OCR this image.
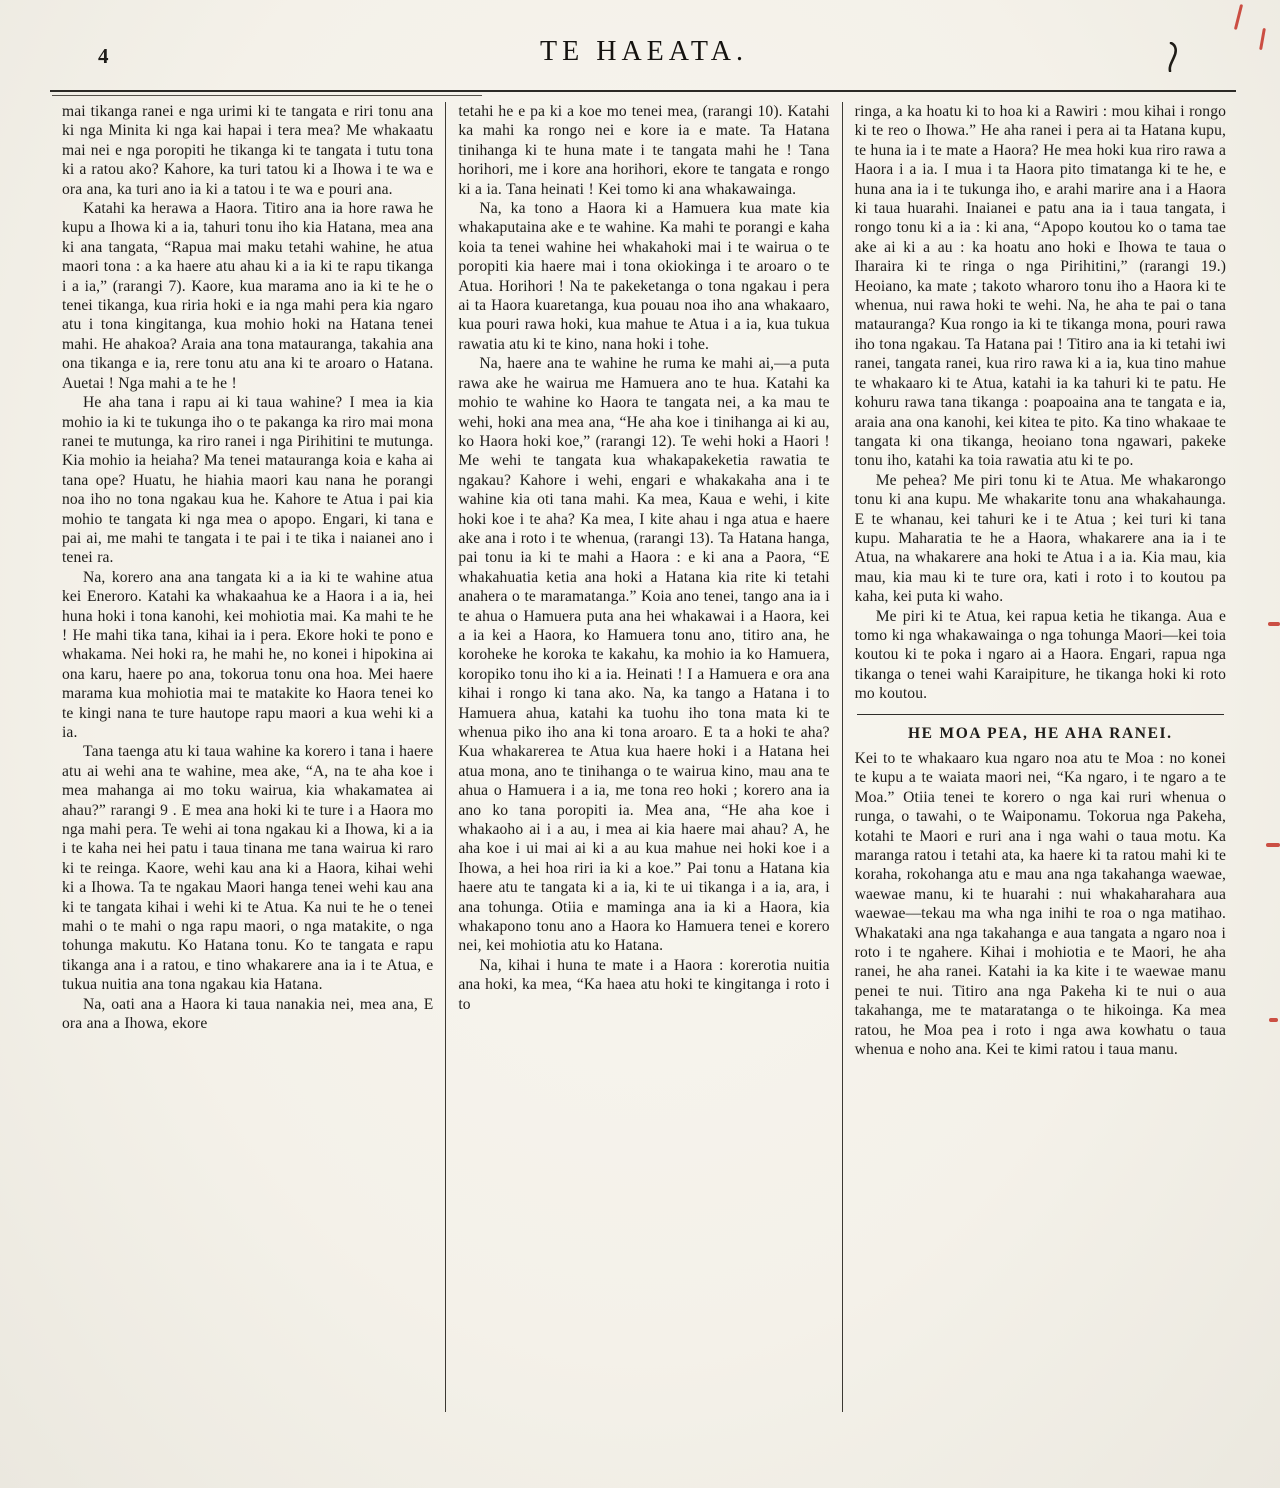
4	TE HAEATA.

mai tikanga ranei e nga urimi ki te tangata e riri tonu ana ki nga Minita ki nga kai hapai i tera mea? Me whakaatu mai nei e nga poropiti he tikanga ki te tangata i tutu tona ki a ratou ako? Kahore, ka turi tatou ki a Ihowa i te wa e ora ana, ka turi ano ia ki a tatou i te wa e pouri ana.

Katahi ka herawa a Haora. Titiro ana ia hore rawa he kupu a Ihowa ki a ia, tahuri tonu iho kia Hatana, mea ana ki ana tangata, “Rapua mai maku tetahi wahine, he atua maori tona : a ka haere atu ahau ki a ia ki te rapu tikanga i a ia,” (rarangi 7). Kaore, kua marama ano ia ki te he o tenei tikanga, kua riria hoki e ia nga mahi pera kia ngaro atu i tona kingitanga, kua mohio hoki na Hatana tenei mahi. He ahakoa? Araia ana tona matauranga, takahia ana ona tikanga e ia, rere tonu atu ana ki te aroaro o Hatana. Auetai ! Nga mahi a te he !

He aha tana i rapu ai ki taua wahine? I mea ia kia mohio ia ki te tukunga iho o te pakanga ka riro mai mona ranei te mutunga, ka riro ranei i nga Pirihitini te mutunga. Kia mohio ia heiaha? Ma tenei matauranga koia e kaha ai tana ope? Huatu, he hiahia maori kau nana he porangi noa iho no tona ngakau kua he. Kahore te Atua i pai kia mohio te tangata ki nga mea o apopo. Engari, ki tana e pai ai, me mahi te tangata i te pai i te tika i naianei ano i tenei ra.

Na, korero ana ana tangata ki a ia ki te wahine atua kei Eneroro. Katahi ka whakaahua ke a Haora i a ia, hei huna hoki i tona kanohi, kei mohiotia mai. Ka mahi te he ! He mahi tika tana, kihai ia i pera. Ekore hoki te pono e whakama. Nei hoki ra, he mahi he, no konei i hipokina ai ona karu, haere po ana, tokorua tonu ona hoa. Mei haere marama kua mohiotia mai te matakite ko Haora tenei ko te kingi nana te ture hautope rapu maori a kua wehi ki a ia.

Tana taenga atu ki taua wahine ka korero i tana i haere atu ai wehi ana te wahine, mea ake, “A, na te aha koe i mea mahanga ai mo toku wairua, kia whakamatea ai ahau?” rarangi 9 . E mea ana hoki ki te ture i a Haora mo nga mahi pera. Te wehi ai tona ngakau ki a Ihowa, ki a ia i te kaha nei hei patu i taua tinana me tana wairua ki raro ki te reinga. Kaore, wehi kau ana ki a Haora, kihai wehi ki a Ihowa. Ta te ngakau Maori hanga tenei wehi kau ana ki te tangata kihai i wehi ki te Atua. Ka nui te he o tenei mahi o te mahi o nga rapu maori, o nga matakite, o nga tohunga makutu. Ko Hatana tonu. Ko te tangata e rapu tikanga ana i a ratou, e tino whakarere ana ia i te Atua, e tukua nuitia ana tona ngakau kia Hatana.

Na, oati ana a Haora ki taua nanakia nei, mea ana, E ora ana a Ihowa, ekore

tetahi he e pa ki a koe mo tenei mea, (rarangi 10). Katahi ka mahi ka rongo nei e kore ia e mate. Ta Hatana tinihanga ki te huna mate i te tangata mahi he ! Tana horihori, me i kore ana horihori, ekore te tangata e rongo ki a ia. Tana heinati ! Kei tomo ki ana whakawainga.

Na, ka tono a Haora ki a Hamuera kua mate kia whakaputaina ake e te wahine. Ka mahi te porangi e kaha koia ta tenei wahine hei whakahoki mai i te wairua o te poropiti kia haere mai i tona okiokinga i te aroaro o te Atua. Horihori ! Na te pakeketanga o tona ngakau i pera ai ta Haora kuaretanga, kua pouau noa iho ana whakaaro, kua pouri rawa hoki, kua mahue te Atua i a ia, kua tukua rawatia atu ki te kino, nana hoki i tohe.

Na, haere ana te wahine he ruma ke mahi ai,—a puta rawa ake he wairua me Hamuera ano te hua. Katahi ka mohio te wahine ko Haora te tangata nei, a ka mau te wehi, hoki ana mea ana, “He aha koe i tinihanga ai ki au, ko Haora hoki koe,” (rarangi 12). Te wehi hoki a Haori ! Me wehi te tangata kua whakapakeketia rawatia te ngakau? Kahore i wehi, engari e whakakaha ana i te wahine kia oti tana mahi. Ka mea, Kaua e wehi, i kite hoki koe i te aha? Ka mea, I kite ahau i nga atua e haere ake ana i roto i te whenua, (rarangi 13). Ta Hatana hanga, pai tonu ia ki te mahi a Haora : e ki ana a Paora, “E whakahuatia ketia ana hoki a Hatana kia rite ki tetahi anahera o te maramatanga.” Koia ano tenei, tango ana ia i te ahua o Hamuera puta ana hei whakawai i a Haora, kei a ia kei a Haora, ko Hamuera tonu ano, titiro ana, he koroheke he koroka te kakahu, ka mohio ia ko Hamuera, koropiko tonu iho ki a ia. Heinati ! I a Hamuera e ora ana kihai i rongo ki tana ako. Na, ka tango a Hatana i to Hamuera ahua, katahi ka tuohu iho tona mata ki te whenua piko iho ana ki tona aroaro. E ta a hoki te aha? Kua whakarerea te Atua kua haere hoki i a Hatana hei atua mona, ano te tinihanga o te wairua kino, mau ana te ahua o Hamuera i a ia, me tona reo hoki ; korero ana ia ano ko tana poropiti ia. Mea ana, “He aha koe i whakaoho ai i a au, i mea ai kia haere mai ahau? A, he aha koe i ui mai ai ki a au kua mahue nei hoki koe i a Ihowa, a hei hoa riri ia ki a koe.” Pai tonu a Hatana kia haere atu te tangata ki a ia, ki te ui tikanga i a ia, ara, i ana tohunga. Otiia e maminga ana ia ki a Haora, kia whakapono tonu ano a Haora ko Hamuera tenei e korero nei, kei mohiotia atu ko Hatana.

Na, kihai i huna te mate i a Haora : korerotia nuitia ana hoki, ka mea, “Ka haea atu hoki te kingitanga i roto i to

ringa, a ka hoatu ki to hoa ki a Rawiri : mou kihai i rongo ki te reo o Ihowa.” He aha ranei i pera ai ta Hatana kupu, te huna ia i te mate a Haora? He mea hoki kua riro rawa a Haora i a ia. I mua i ta Haora pito timatanga ki te he, e huna ana ia i te tukunga iho, e arahi marire ana i a Haora ki taua huarahi. Inaianei e patu ana ia i taua tangata, i rongo tonu ki a ia : ki ana, “Apopo koutou ko o tama tae ake ai ki a au : ka hoatu ano hoki e Ihowa te taua o Iharaira ki te ringa o nga Pirihitini,” (rarangi 19.) Heoiano, ka mate ; takoto wharoro tonu iho a Haora ki te whenua, nui rawa hoki te wehi. Na, he aha te pai o tana matauranga? Kua rongo ia ki te tikanga mona, pouri rawa iho tona ngakau. Ta Hatana pai ! Titiro ana ia ki tetahi iwi ranei, tangata ranei, kua riro rawa ki a ia, kua tino mahue te whakaaro ki te Atua, katahi ia ka tahuri ki te patu. He kohuru rawa tana tikanga : poapoaina ana te tangata e ia, araia ana ona kanohi, kei kitea te pito. Ka tino whakaae te tangata ki ona tikanga, heoiano tona ngawari, pakeke tonu iho, katahi ka toia rawatia atu ki te po.

Me pehea? Me piri tonu ki te Atua. Me whakarongo tonu ki ana kupu. Me whakarite tonu ana whakahaunga. E te whanau, kei tahuri ke i te Atua ; kei turi ki tana kupu. Maharatia te he a Haora, whakarere ana ia i te Atua, na whakarere ana hoki te Atua i a ia. Kia mau, kia mau, kia mau ki te ture ora, kati i roto i to koutou pa kaha, kei puta ki waho.

Me piri ki te Atua, kei rapua ketia he tikanga. Aua e tomo ki nga whakawainga o nga tohunga Maori—kei toia koutou ki te poka i ngaro ai a Haora. Engari, rapua nga tikanga o tenei wahi Karaipiture, he tikanga hoki ki roto mo koutou.

HE MOA PEA, HE AHA RANEI.

Kei to te whakaaro kua ngaro noa atu te Moa : no konei te kupu a te waiata maori nei, “Ka ngaro, i te ngaro a te Moa.” Otiia tenei te korero o nga kai ruri whenua o runga, o tawahi, o te Waiponamu. Tokorua nga Pakeha, kotahi te Maori e ruri ana i nga wahi o taua motu. Ka maranga ratou i tetahi ata, ka haere ki ta ratou mahi ki te koraha, rokohanga atu e mau ana nga takahanga waewae, waewae manu, ki te huarahi : nui whakaharahara aua waewae—tekau ma wha nga inihi te roa o nga matihao. Whakataki ana nga takahanga e aua tangata a ngaro noa i roto i te ngahere. Kihai i mohiotia e te Maori, he aha ranei, he aha ranei. Katahi ia ka kite i te waewae manu penei te nui. Titiro ana nga Pakeha ki te nui o aua takahanga, me te mataratanga o te hikoinga. Ka mea ratou, he Moa pea i roto i nga awa kowhatu o taua whenua e noho ana. Kei te kimi ratou i taua manu.
